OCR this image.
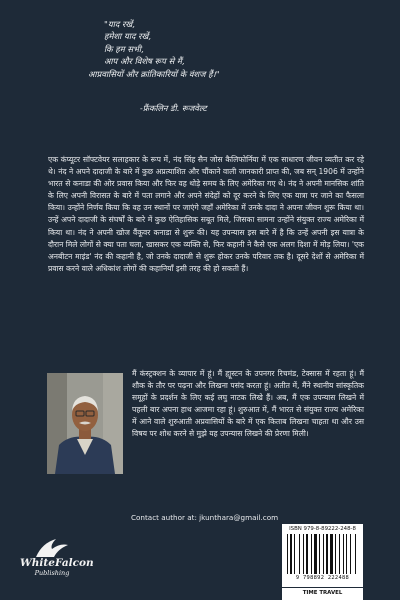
"याद रखें,
हमेशा याद रखें,
कि हम सभी,
आप और विशेष रूप से मैं,
आप्रवासियों और क्रांतिकारियों के वंशज हैं।"
-फ्रैंकलिन डी. रूजवेल्ट
एक कंप्यूटर सॉफ्टवेयर सलाहकार के रूप में, नंद सिंह सैन जोस कैलिफोर्निया में एक साधारण जीवन व्यतीत कर रहे थे। नंद ने अपने दादाजी के बारे में कुछ अप्रत्याशित और चौंकाने वाली जानकारी प्राप्त की, जब सन् 1906 में उन्होंने भारत से कनाडा की ओर प्रवास किया और फिर वह थोड़े समय के लिए अमेरिका गए थे। नंद ने अपनी मानसिक शांति के लिए अपनी विरासत के बारे में पता लगाने और अपने संदेहों को दूर करने के लिए एक यात्रा पर जाने का फैसला किया। उन्होंने निर्णय किया कि वह उन स्थानों पर जाएंगे जहाँ अमेरिका में उनके दादा ने अपना जीवन शुरू किया था। उन्हें अपने दादाजी के संघर्षों के बारे में कुछ ऐतिहासिक सबूत मिले, जिसका सामना उन्होंने संयुक्त राज्य अमेरिका में किया था। नंद ने अपनी खोज वैंकूवर कनाडा से शुरू की। यह उपन्यास इस बारे में है कि उन्हें अपनी इस यात्रा के दौरान मिले लोगों से क्या पता चला, खासकर एक व्यक्ति से, फिर कहानी ने कैसे एक अलग दिशा में मोड़ लिया। 'एक अनबीटन माइंड' नंद की कहानी है, जो उनके दादाजी से शुरू होकर उनके परिवार तक है। दूसरे देशों से अमेरिका में प्रवास करने वाले अधिकांश लोगों की कहानियाँ इसी तरह की हो सकती हैं।
मैं कंस्ट्रक्शन के व्यापार में हूं। मैं ह्यूस्टन के उपनगर रिचमंड, टेक्सास में रहता हूं। मैं शौक के तौर पर पढ़ना और लिखना पसंद करता हूं। अतीत में, मैंने स्थानीय सांस्कृतिक समूहों के प्रदर्शन के लिए कई लघु नाटक लिखे हैं। अब, मैं एक उपन्यास लिखने में पहली बार अपना हाथ आजमा रहा हूं। शुरुआत में, मैं भारत से संयुक्त राज्य अमेरिका में आने वाले शुरुआती अप्रवासियों के बारे में एक किताब लिखना चाहता था और उस विषय पर शोध करने से मुझे यह उपन्यास लिखने की प्रेरणा मिली।
Contact author at: jkunthara@gmail.com
WhiteFalcon
Publishing
ISBN 979-8-89222-248-8
9 798892 222488
TIME TRAVEL
